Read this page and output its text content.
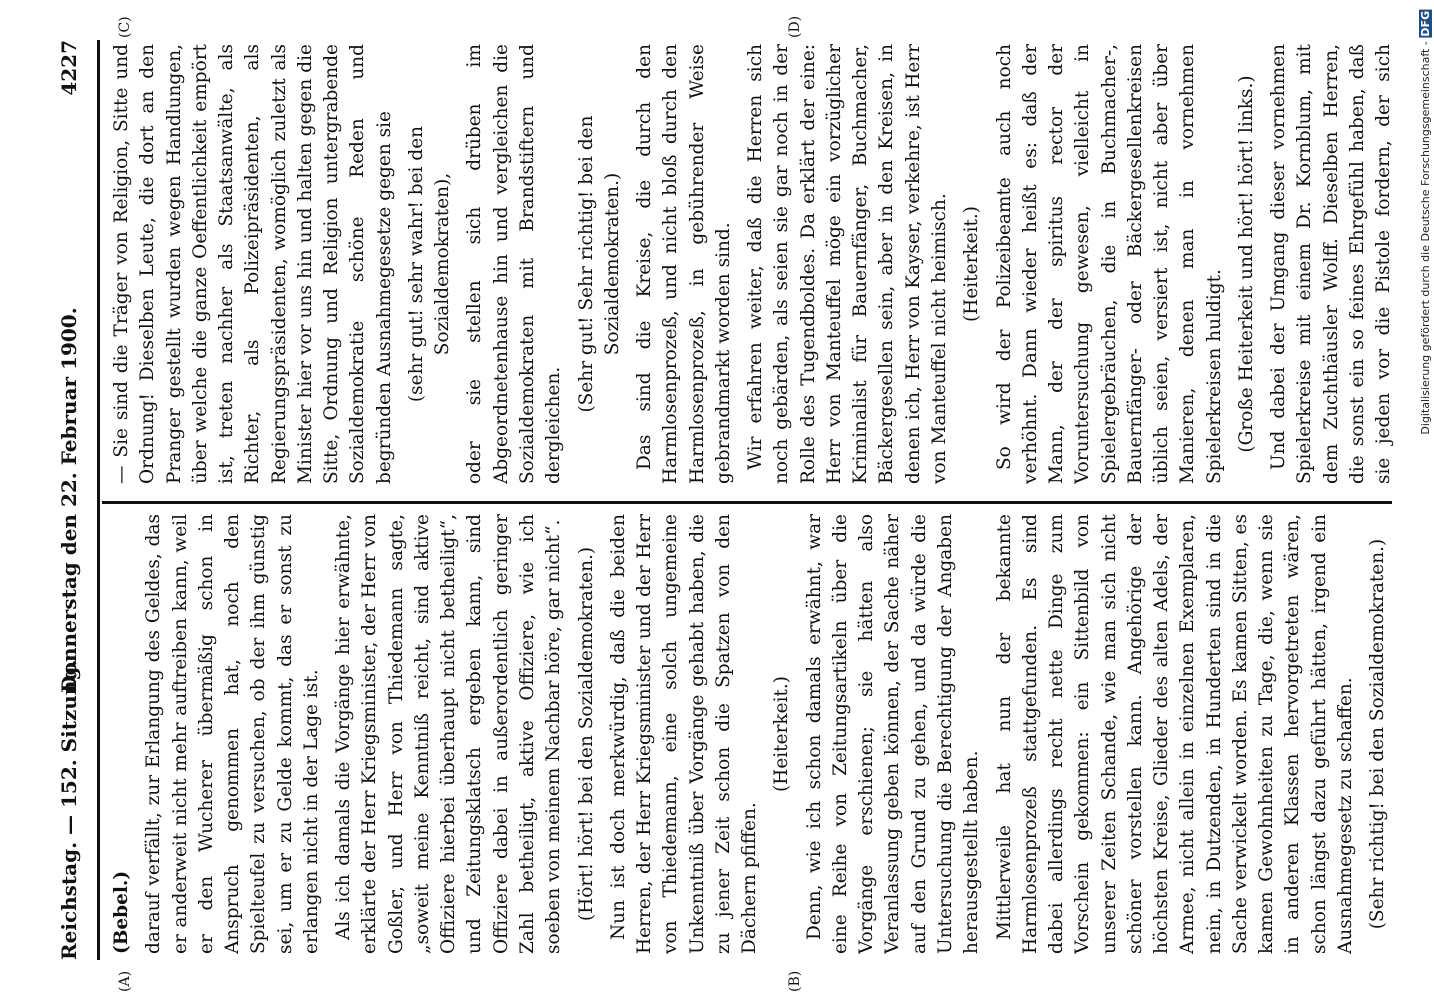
Reichstag. — 152. Sitzung.
Donnerstag den 22. Februar 1900.
4227
(A)	(B)
(C)	(D)

(Bebel.) darauf verfällt, zur Erlangung des Geldes, das er anderweit nicht mehr auftreiben kann, weil er den Wucherer übermäßig schon in Anspruch genommen hat, noch den Spielteufel zu versuchen, ob der ihm günstig sei, um er zu Gelde kommt, das er sonst zu erlangen nicht in der Lage ist. Als ich damals die Vorgänge hier erwähnte, erklärte der Herr Kriegsminister, der Herr von Goßler, und Herr von Thiedemann sagte, „soweit meine Kenntniß reicht, sind aktive Offiziere hierbei überhaupt nicht betheiligt“, und Zeitungsklatsch ergeben kann, sind Offiziere dabei in außerordentlich geringer Zahl betheiligt, aktive Offiziere, wie ich soeben von meinem Nachbar höre, gar nicht“. (Hört! hört! bei den Sozialdemokraten.) Nun ist doch merkwürdig, daß die beiden Herren, der Herr Kriegsminister und der Herr von Thiedemann, eine solch ungemeine Unkenntniß über Vorgänge gehabt haben, die zu jener Zeit schon die Spatzen von den Dächern pfiffen.

(Heiterkeit.) Denn, wie ich schon damals erwähnt, war eine Reihe von Zeitungsartikeln über die Vorgänge erschienen; sie hätten also Veranlassung geben können, der Sache näher auf den Grund zu gehen, und da würde die Untersuchung die Berechtigung der Angaben herausgestellt haben. Mittlerweile hat nun der bekannte Harmlosenprozeß stattgefunden. Es sind dabei allerdings recht nette Dinge zum Vorschein gekommen: ein Sittenbild von unserer Zeiten Schande, wie man sich nicht schöner vorstellen kann. Angehörige der höchsten Kreise, Glieder des alten Adels, der Armee, nicht allein in einzelnen Exemplaren, nein, in Dutzenden, in Hunderten sind in die Sache verwickelt worden. Es kamen Sitten, es kamen Gewohnheiten zu Tage, die, wenn sie in anderen Klassen hervorgetreten wären, schon längst dazu geführt hätten, irgend ein Ausnahmegesetz zu schaffen. (Sehr richtig! bei den Sozialdemokraten.)

— Sie sind die Träger von Religion, Sitte und Ordnung! Dieselben Leute, die dort an den Pranger gestellt wurden wegen Handlungen, über welche die ganze Oeffentlichkeit empört ist, treten nachher als Staatsanwälte, als Richter, als Polizeipräsidenten, als Regierungspräsidenten, womöglich zuletzt als Minister hier vor uns hin und halten gegen die Sitte, Ordnung und Religion untergrabende Sozialdemokratie schöne Reden und begründen Ausnahmegesetze gegen sie (sehr gut! sehr wahr! bei den Sozialdemokraten), oder sie stellen sich drüben im Abgeordnetenhause hin und vergleichen die Sozialdemokraten mit Brandstiftern und dergleichen.

(Sehr gut! Sehr richtig! bei den Sozialdemokraten.) Das sind die Kreise, die durch den Harmlosenprozeß, und nicht bloß durch den Harmlosenprozeß, in gebührender Weise gebrandmarkt worden sind. Wir erfahren weiter, daß die Herren sich noch gebärden, als seien sie gar noch in der Rolle des Tugendboldes. Da erklärt der eine: Herr von Manteuffel möge ein vorzüglicher Kriminalist für Bauernfänger, Buchmacher, Bäckergesellen sein, aber in den Kreisen, in denen ich, Herr von Kayser, verkehre, ist Herr von Manteuffel nicht heimisch. (Heiterkeit.) So wird der Polizeibeamte auch noch verhöhnt. Dann wieder heißt es: daß der Mann, der der spiritus rector der Voruntersuchung gewesen, vielleicht in Spielergebräuchen, die in Buchmacher-, Bauernfänger- oder Bäckergesellenkreisen üblich seien, versiert ist, nicht aber über Manieren, denen man in vornehmen Spielerkreisen huldigt. (Große Heiterkeit und hört! hört! links.) Und dabei der Umgang dieser vornehmen Spielerkreise mit einem Dr. Kornblum, mit dem Zuchthäusler Wolff. Dieselben Herren, die sonst ein so feines Ehrgefühl haben, daß sie jeden vor die Pistole fordern, der sich	Digitalisierung gefördert durch die Deutsche Forschungsgemeinschaft - DFG
